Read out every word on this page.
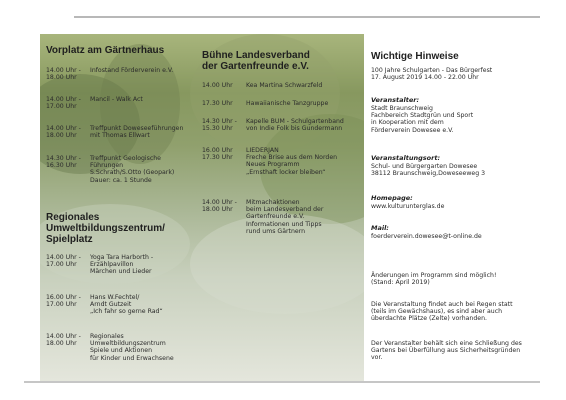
Vorplatz am Gärtnerhaus
14.00 Uhr -
18.00 Uhr
Infostand Förderverein e.V.
14.00 Uhr -
17.00 Uhr
Mancil - Walk Act
14.00 Uhr -
18.00 Uhr
Treffpunkt Doweseeführungen
mit Thomas Ellwart
14.30 Uhr -
16.30 Uhr
Treffpunkt Geologische
Führungen
S.Schrath/S.Otto (Geopark)
Dauer: ca. 1 Stunde
Regionales
Umweltbildungszentrum/
Spielplatz
14.00 Uhr -
17.00 Uhr
Yoga Tara Harborth -
Erzählpavillon
Märchen und Lieder
16.00 Uhr -
17.00 Uhr
Hans W.Fechtel/
Arndt Gutzeit
„Ich fahr so gerne Rad“
14.00 Uhr -
18.00 Uhr
Regionales
Umweltbildungszentrum
Spiele und Aktionen
für Kinder und Erwachsene
Bühne Landesverband
der Gartenfreunde e.V.
14.00 Uhr	Kea Martina Schwarzfeld
17.30 Uhr	Hawaiianische Tanzgruppe
14.30 Uhr -
15.30 Uhr
Kapelle BUM - Schulgartenband
von Indie Folk bis Gundermann
16.00 Uhr
17.30 Uhr
LIEDERJAN
Freche Brise aus dem Norden
Neues Programm
„Ernsthaft locker bleiben“
14.00 Uhr -
18.00 Uhr
Mitmachaktionen
beim Landesverband der
Gartenfreunde e.V.
Informationen und Tipps
rund ums Gärtnern
Wichtige Hinweise
100 Jahre Schulgarten - Das Bürgerfest
17. August 2019 14.00 - 22.00 Uhr
Veranstalter:
Stadt Braunschweig
Fachbereich Stadtgrün und Sport
in Kooperation mit dem
Förderverein Dowesee e.V.
Veranstaltungsort:
Schul- und Bürgergarten Dowesee
38112 Braunschweig,Doweseeweg 3
Homepage:
www.kulturunterglas.de
Mail:
foerderverein.dowesee@t-online.de
Änderungen im Programm sind möglich!
(Stand: April 2019)
Die Veranstaltung findet auch bei Regen statt
(teils im Gewächshaus), es sind aber auch
überdachte Plätze (Zelte) vorhanden.
Der Veranstalter behält sich eine Schließung des
Gartens bei Überfüllung aus Sicherheitsgründen
vor.
